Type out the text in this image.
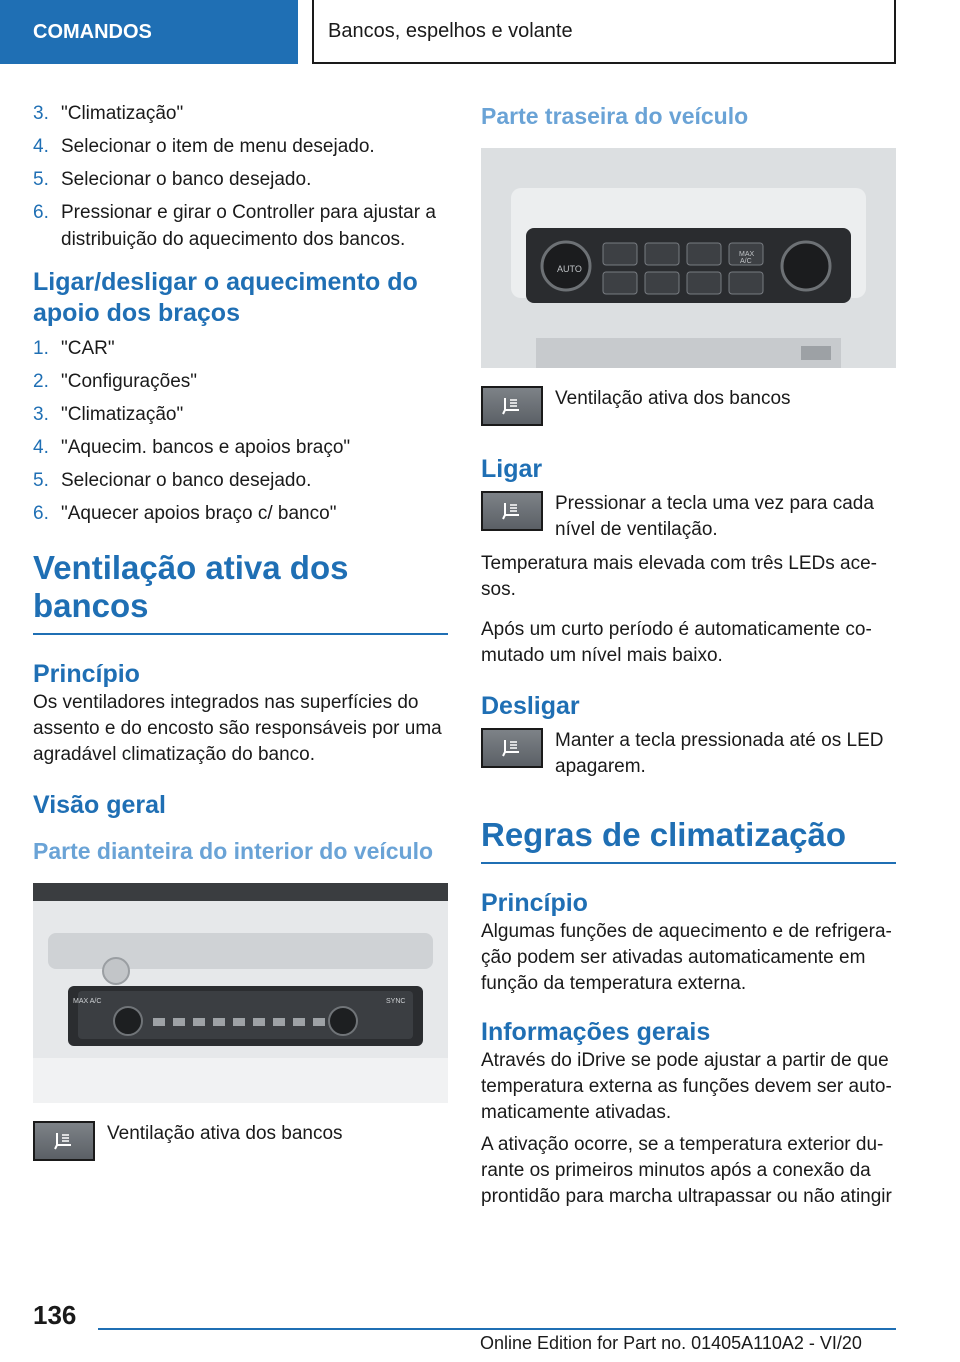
COMANDOS	Bancos, espelhos e volante
3. "Climatização"
4. Selecionar o item de menu desejado.
5. Selecionar o banco desejado.
6. Pressionar e girar o Controller para ajustar a distribuição do aquecimento dos bancos.
Ligar/desligar o aquecimento do apoio dos braços
1. "CAR"
2. "Configurações"
3. "Climatização"
4. "Aquecim. bancos e apoios braço"
5. Selecionar o banco desejado.
6. "Aquecer apoios braço c/ banco"
Ventilação ativa dos bancos
Princípio

Os ventiladores integrados nas superfícies do assento e do encosto são responsáveis por uma agradável climatização do banco.

Visão geral
Parte dianteira do interior do veículo
MAX A/C	SYNC

Ventilação ativa dos bancos

Parte traseira do veículo
AUTO
MAX
A/C

Ventilação ativa dos bancos

Ligar

Pressionar a tecla uma vez para cada nível de ventilação.

Temperatura mais elevada com três LEDs acesos.

Após um curto período é automaticamente comutado um nível mais baixo.

Desligar

Manter a tecla pressionada até os LED apagarem.

Regras de climatização
Princípio

Algumas funções de aquecimento e de refrigeração podem ser ativadas automaticamente em função da temperatura externa.

Informações gerais

Através do iDrive se pode ajustar a partir de que temperatura externa as funções devem ser automaticamente ativadas.

A ativação ocorre, se a temperatura exterior durante os primeiros minutos após a conexão da prontidão para marcha ultrapassar ou não atingir

136
Online Edition for Part no. 01405A110A2 - VI/20
